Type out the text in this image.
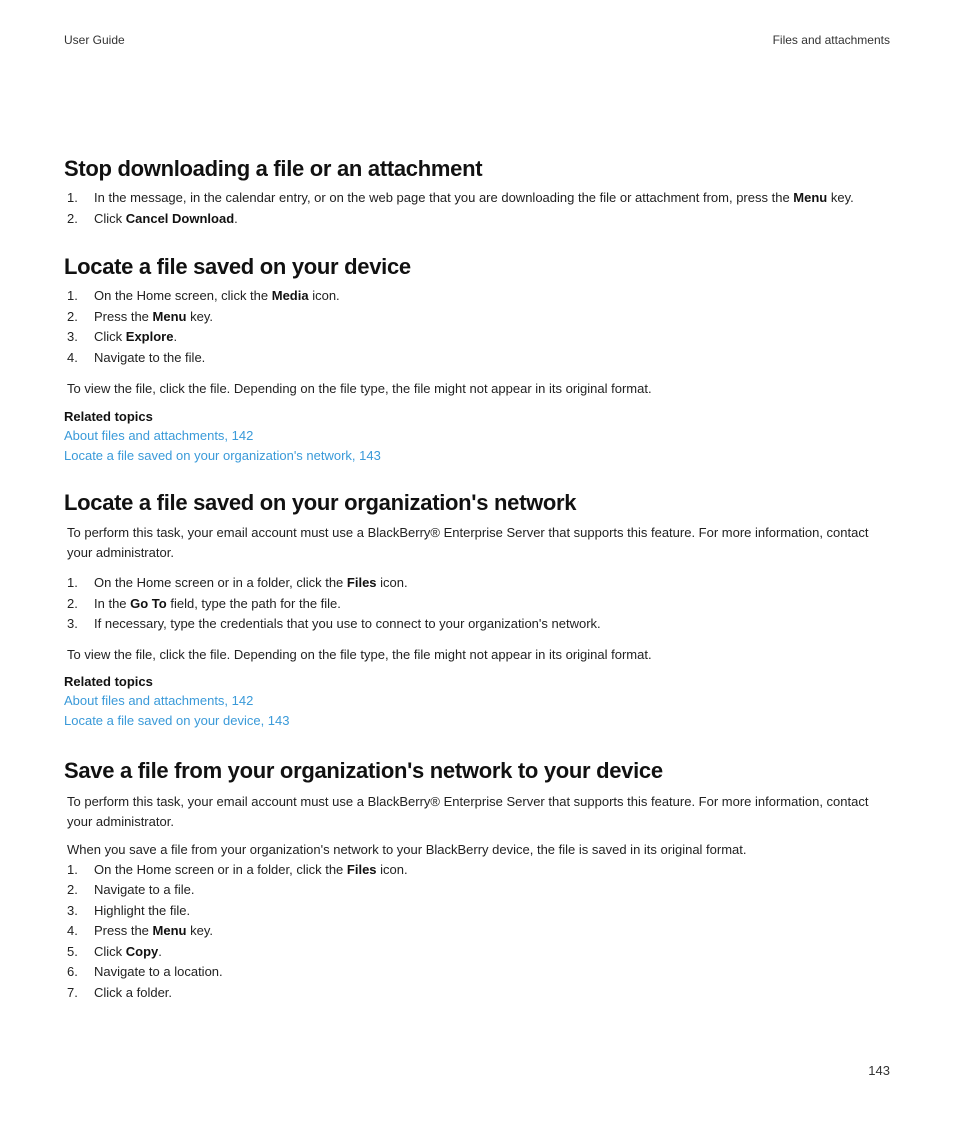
User Guide	Files and attachments
Stop downloading a file or an attachment
1. In the message, in the calendar entry, or on the web page that you are downloading the file or attachment from, press the Menu key.
2. Click Cancel Download.
Locate a file saved on your device
1. On the Home screen, click the Media icon.
2. Press the Menu key.
3. Click Explore.
4. Navigate to the file.

To view the file, click the file. Depending on the file type, the file might not appear in its original format.

Related topics
About files and attachments, 142
Locate a file saved on your organization's network, 143
Locate a file saved on your organization's network

To perform this task, your email account must use a BlackBerry® Enterprise Server that supports this feature. For more information, contact your administrator.

1. On the Home screen or in a folder, click the Files icon.
2. In the Go To field, type the path for the file.
3. If necessary, type the credentials that you use to connect to your organization's network.

To view the file, click the file. Depending on the file type, the file might not appear in its original format.

Related topics
About files and attachments, 142
Locate a file saved on your device, 143
Save a file from your organization's network to your device

To perform this task, your email account must use a BlackBerry® Enterprise Server that supports this feature. For more information, contact your administrator.

When you save a file from your organization's network to your BlackBerry device, the file is saved in its original format.

1. On the Home screen or in a folder, click the Files icon.
2. Navigate to a file.
3. Highlight the file.
4. Press the Menu key.
5. Click Copy.
6. Navigate to a location.
7. Click a folder.
143
